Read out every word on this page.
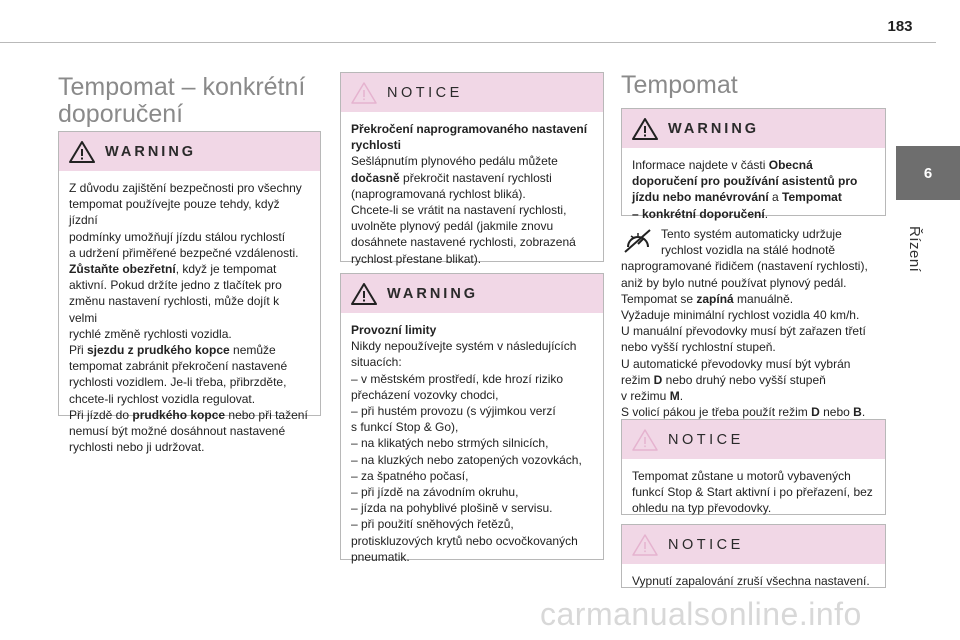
183
6
Řízení
Tempomat – konkrétní
doporučení
WARNING
Z důvodu zajištění bezpečnosti pro všechny
tempomat používejte pouze tehdy, když jízdní
podmínky umožňují jízdu stálou rychlostí
a udržení přiměřené bezpečné vzdálenosti.
Zůstaňte obezřetní, když je tempomat
aktivní. Pokud držíte jedno z tlačítek pro
změnu nastavení rychlosti, může dojít k velmi
rychlé změně rychlosti vozidla.
Při sjezdu z prudkého kopce nemůže
tempomat zabránit překročení nastavené
rychlosti vozidlem. Je-li třeba, přibrzděte,
chcete-li rychlost vozidla regulovat.
Při jízdě do prudkého kopce nebo při tažení
nemusí být možné dosáhnout nastavené
rychlosti nebo ji udržovat.
NOTICE
Překročení naprogramovaného nastavení
rychlosti
Sešlápnutím plynového pedálu můžete
dočasně překročit nastavení rychlosti
(naprogramovaná rychlost bliká).
Chcete-li se vrátit na nastavení rychlosti,
uvolněte plynový pedál (jakmile znovu
dosáhnete nastavené rychlosti, zobrazená
rychlost přestane blikat).
WARNING
Provozní limity
Nikdy nepoužívejte systém v následujících
situacích:
– v městském prostředí, kde hrozí riziko
přecházení vozovky chodci,
– při hustém provozu (s výjimkou verzí
s funkcí Stop & Go),
– na klikatých nebo strmých silnicích,
– na kluzkých nebo zatopených vozovkách,
– za špatného počasí,
– při jízdě na závodním okruhu,
– jízda na pohyblivé plošině v servisu.
– při použití sněhových řetězů,
protiskluzových krytů nebo ocvočkovaných
pneumatik.
Tempomat
WARNING
Informace najdete v části Obecná
doporučení pro používání asistentů pro
jízdu nebo manévrování a Tempomat
– konkrétní doporučení.
Tento systém automaticky udržuje
rychlost vozidla na stálé hodnotě
naprogramované řidičem (nastavení rychlosti),
aniž by bylo nutné používat plynový pedál.
Tempomat se zapíná manuálně.
Vyžaduje minimální rychlost vozidla 40 km/h.
U manuální převodovky musí být zařazen třetí
nebo vyšší rychlostní stupeň.
U automatické převodovky musí být vybrán
režim D nebo druhý nebo vyšší stupeň
v režimu M.
S volicí pákou je třeba použít režim D nebo B.
NOTICE
Tempomat zůstane u motorů vybavených
funkcí Stop & Start aktivní i po přeřazení, bez
ohledu na typ převodovky.
NOTICE
Vypnutí zapalování zruší všechna nastavení.
carmanualsonline.info
